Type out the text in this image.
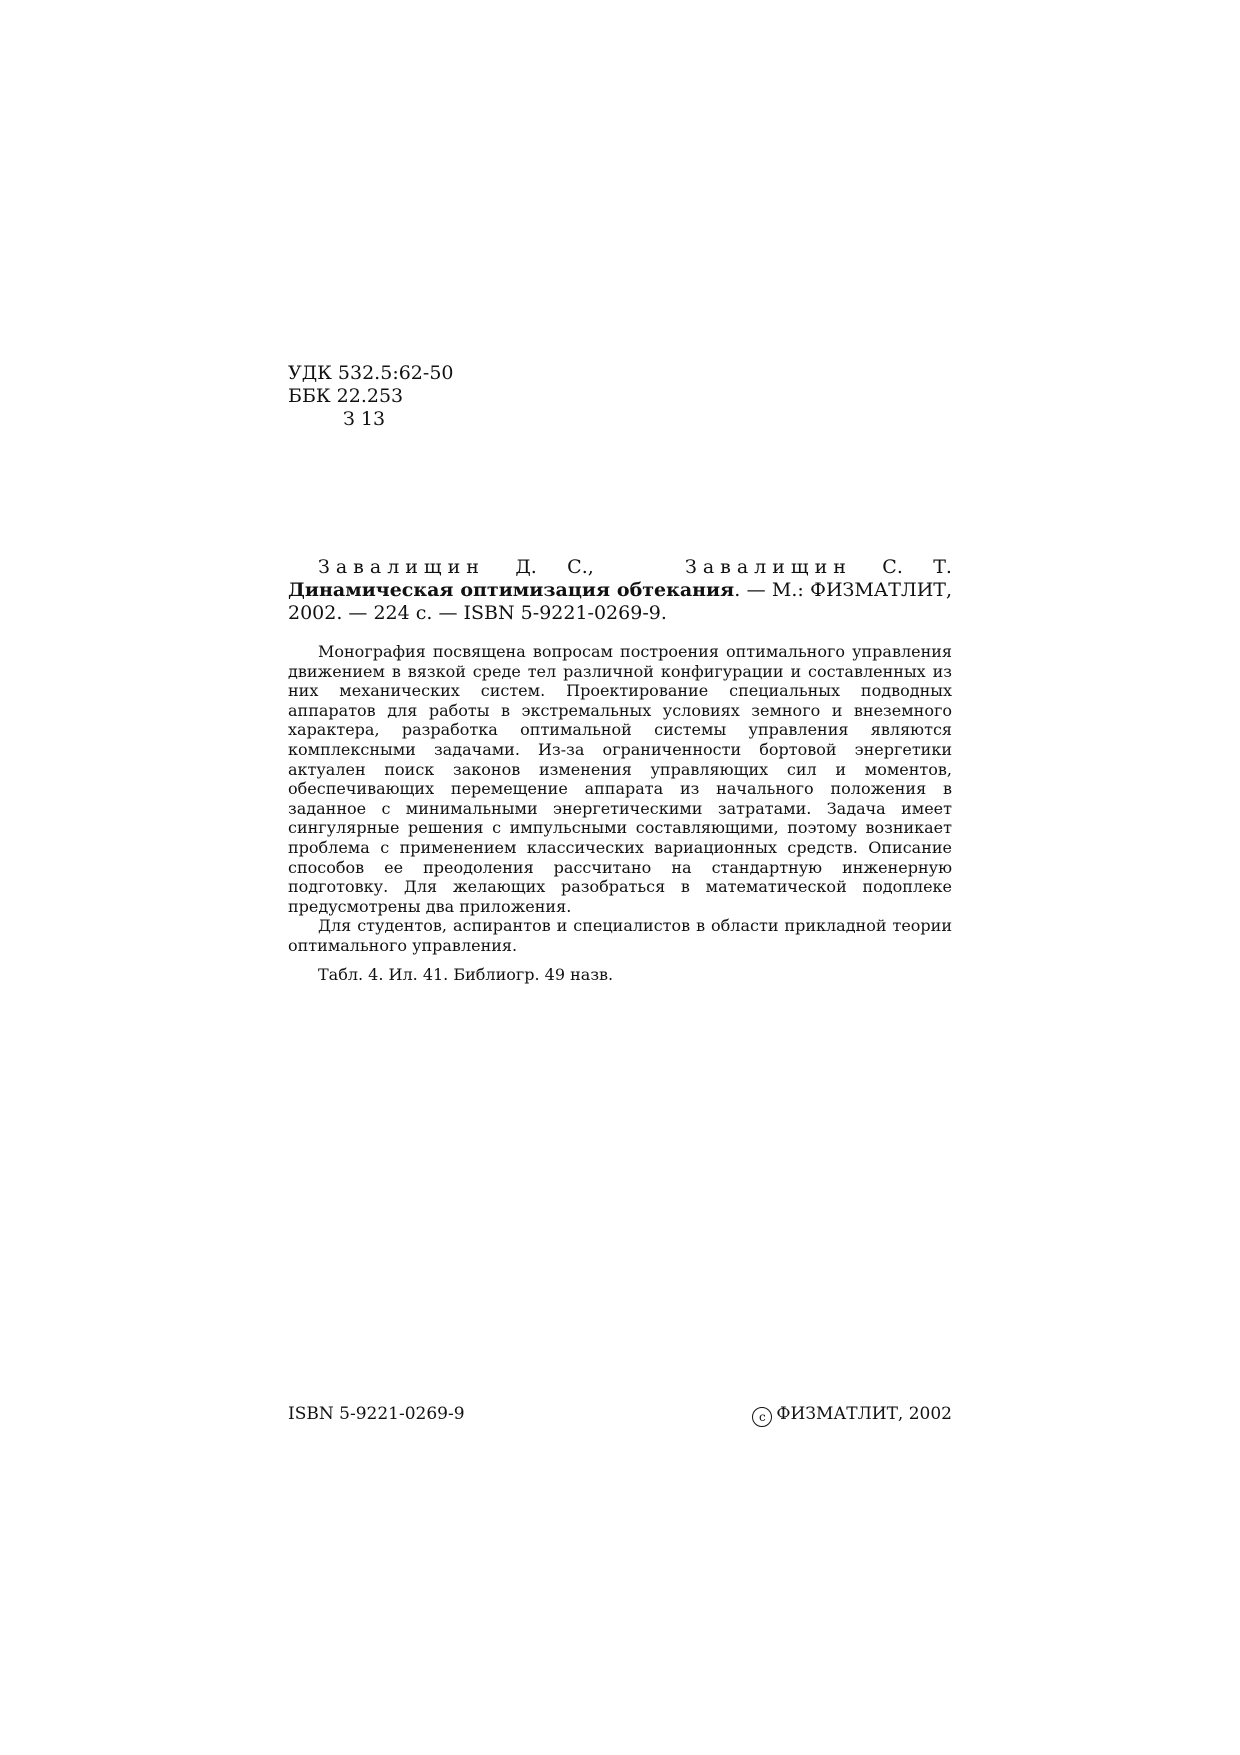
УДК 532.5:62-50
ББК 22.253
З 13
Завалищин Д. С.,	Завалищин С. Т. Динамическая оптимизация обтекания. — М.: ФИЗМАТЛИТ, 2002. — 224 с. — ISBN 5-9221-0269-9.

Монография посвящена вопросам построения оптимального управления движением в вязкой среде тел различной конфигурации и составленных из них механических систем. Проектирование специальных подводных аппаратов для работы в экстремальных условиях земного и внеземного характера, разработка оптимальной системы управления являются комплексными задачами. Из-за ограниченности бортовой энергетики актуален поиск законов изменения управляющих сил и моментов, обеспечивающих перемещение аппарата из начального положения в заданное с минимальными энергетическими затратами. Задача имеет сингулярные решения с импульсными составляющими, поэтому возникает проблема с применением классических вариационных средств. Описание способов ее преодоления рассчитано на стандартную инженерную подготовку. Для желающих разобраться в математической подоплеке предусмотрены два приложения.

Для студентов, аспирантов и специалистов в области прикладной теории оптимального управления.

Табл. 4. Ил. 41. Библиогр. 49 назв.

ISBN 5-9221-0269-9	c ФИЗМАТЛИТ, 2002
